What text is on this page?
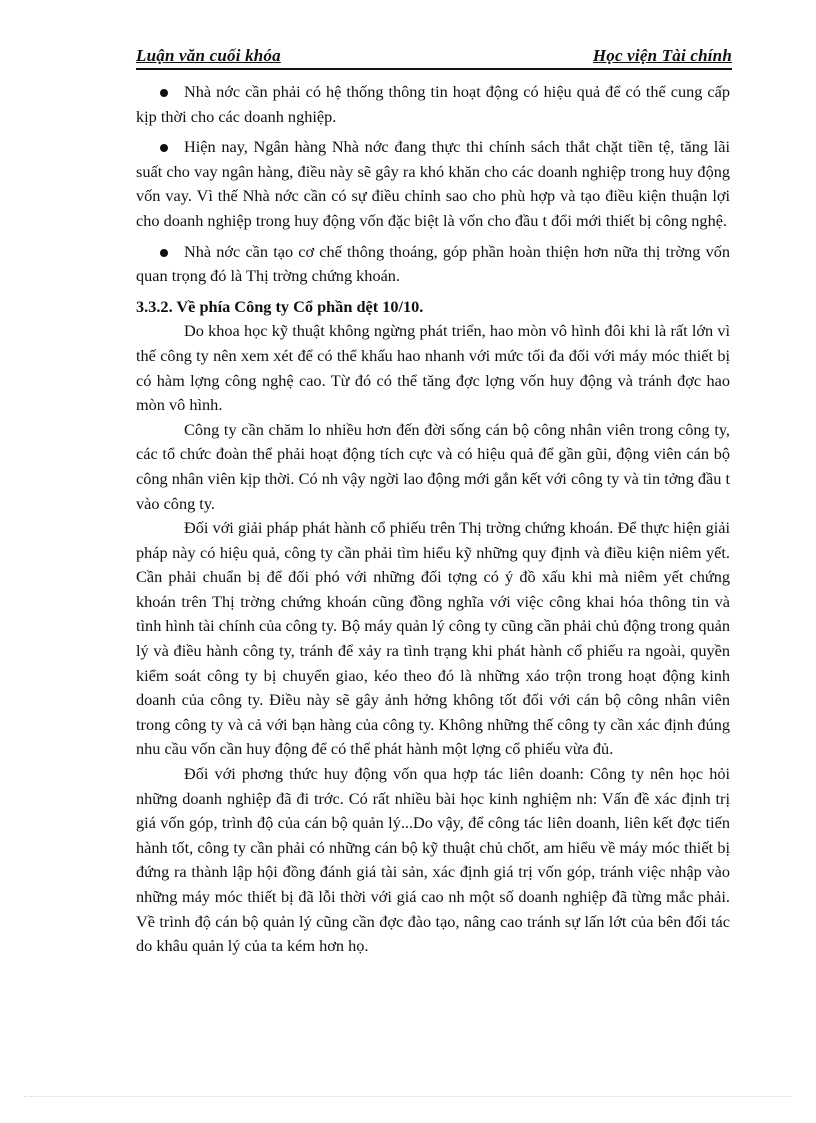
Luận văn cuối khóa	Học viện Tài chính

Nhà nớc cần phải có hệ thống thông tin hoạt động có hiệu quả để có thể cung cấp kịp thời cho các doanh nghiệp.

Hiện nay, Ngân hàng Nhà nớc đang thực thi chính sách thắt chặt tiền tệ, tăng lãi suất cho vay ngân hàng, điều này sẽ gây ra khó khăn cho các doanh nghiệp trong huy động vốn vay. Vì thế Nhà nớc cần có sự điều chỉnh sao cho phù hợp và tạo điều kiện thuận lợi cho doanh nghiệp trong huy động vốn đặc biệt là vốn cho đầu t đổi mới thiết bị công nghệ.

Nhà nớc cần tạo cơ chế thông thoáng, góp phần hoàn thiện hơn nữa thị trờng vốn quan trọng đó là Thị trờng chứng khoán.

3.3.2. Về phía Công ty Cổ phần dệt 10/10.

Do khoa học kỹ thuật không ngừng phát triển, hao mòn vô hình đôi khi là rất lớn vì thế công ty nên xem xét để có thể khấu hao nhanh với mức tối đa đối với máy móc thiết bị có hàm lợng công nghệ cao. Từ đó có thể tăng đợc lợng vốn huy động và tránh đợc hao mòn vô hình.

Công ty cần chăm lo nhiều hơn đến đời sống cán bộ công nhân viên trong công ty, các tổ chức đoàn thể phải hoạt động tích cực và có hiệu quả để gần gũi, động viên cán bộ công nhân viên kịp thời. Có nh vậy ngời lao động mới gắn kết với công ty và tin tởng đầu t vào công ty.

Đối với giải pháp phát hành cổ phiếu trên Thị trờng chứng khoán. Để thực hiện giải pháp này có hiệu quả, công ty cần phải tìm hiểu kỹ những quy định và điều kiện niêm yết. Cần phải chuẩn bị để đối phó với những đối tợng có ý đồ xấu khi mà niêm yết chứng khoán trên Thị trờng chứng khoán cũng đồng nghĩa với việc công khai hóa thông tin và tình hình tài chính của công ty. Bộ máy quản lý công ty cũng cần phải chủ động trong quản lý và điều hành công ty, tránh để xảy ra tình trạng khi phát hành cổ phiếu ra ngoài, quyền kiểm soát công ty bị chuyển giao, kéo theo đó là những xáo trộn trong hoạt động kinh doanh của công ty. Điều này sẽ gây ảnh hởng không tốt đối với cán bộ công nhân viên trong công ty và cả với bạn hàng của công ty. Không những thế công ty cần xác định đúng nhu cầu vốn cần huy động để có thể phát hành một lợng cổ phiếu vừa đủ.

Đối với phơng thức huy động vốn qua hợp tác liên doanh: Công ty nên học hỏi những doanh nghiệp đã đi trớc. Có rất nhiều bài học kinh nghiệm nh: Vấn đề xác định trị giá vốn góp, trình độ của cán bộ quản lý...Do vậy, để công tác liên doanh, liên kết đợc tiến hành tốt, công ty cần phải có những cán bộ kỹ thuật chủ chốt, am hiểu về máy móc thiết bị đứng ra thành lập hội đồng đánh giá tài sản, xác định giá trị vốn góp, tránh việc nhập vào những máy móc thiết bị đã lỗi thời với giá cao nh một số doanh nghiệp đã từng mắc phải. Về trình độ cán bộ quản lý cũng cần đợc đào tạo, nâng cao tránh sự lấn lớt của bên đối tác do khâu quản lý của ta kém hơn họ.
